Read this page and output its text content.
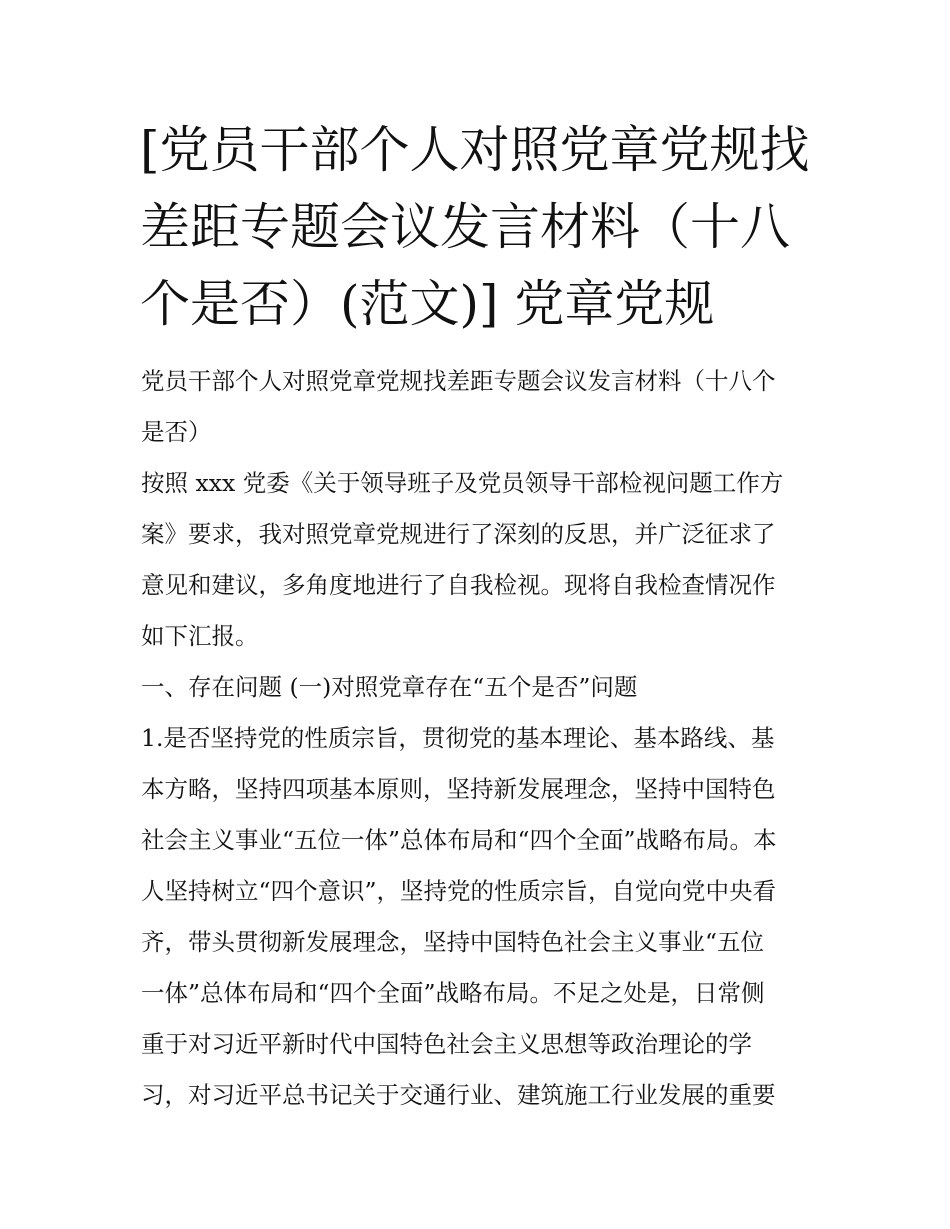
[党员干部个人对照党章党规找
差距专题会议发言材料（十八
个是否）(范文)] 党章党规
党员干部个人对照党章党规找差距专题会议发言材料（十八个
是否）
按照 xxx 党委《关于领导班子及党员领导干部检视问题工作方
案》要求，我对照党章党规进行了深刻的反思，并广泛征求了
意见和建议，多角度地进行了自我检视。现将自我检查情况作
如下汇报。
一、存在问题 (一)对照党章存在“五个是否”问题
1.是否坚持党的性质宗旨，贯彻党的基本理论、基本路线、基
本方略，坚持四项基本原则，坚持新发展理念，坚持中国特色
社会主义事业“五位一体”总体布局和“四个全面”战略布局。本
人坚持树立“四个意识”，坚持党的性质宗旨，自觉向党中央看
齐，带头贯彻新发展理念，坚持中国特色社会主义事业“五位
一体”总体布局和“四个全面”战略布局。不足之处是，日常侧
重于对习近平新时代中国特色社会主义思想等政治理论的学
习，对习近平总书记关于交通行业、建筑施工行业发展的重要
